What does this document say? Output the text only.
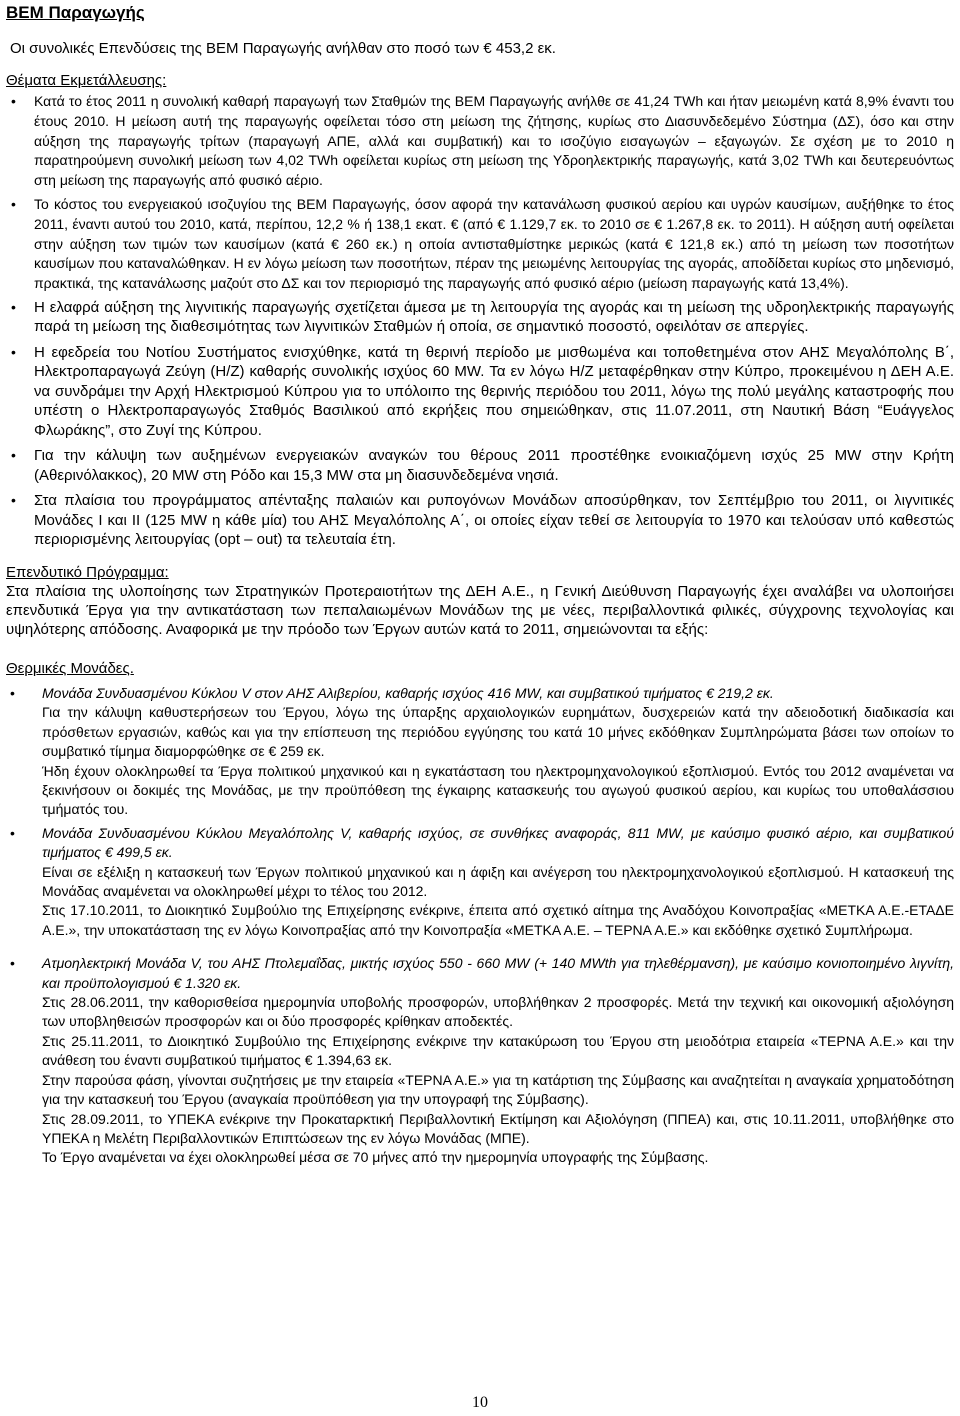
ΒΕΜ Παραγωγής

Οι συνολικές Επενδύσεις της ΒΕΜ Παραγωγής ανήλθαν στο ποσό των € 453,2 εκ.

Θέματα Εκμετάλλευσης:
• Κατά το έτος 2011 η συνολική καθαρή παραγωγή των Σταθμών της ΒΕΜ Παραγωγής ανήλθε σε 41,24 TWh και ήταν μειωμένη κατά 8,9% έναντι του έτους 2010. Η μείωση αυτή της παραγωγής οφείλεται τόσο στη μείωση της ζήτησης, κυρίως στο Διασυνδεδεμένο Σύστημα (ΔΣ), όσο και στην αύξηση της παραγωγής τρίτων (παραγωγή ΑΠΕ, αλλά και συμβατική) και το ισοζύγιο εισαγωγών – εξαγωγών. Σε σχέση με το 2010 η παρατηρούμενη συνολική μείωση των 4,02 TWh οφείλεται κυρίως στη μείωση της Υδροηλεκτρικής παραγωγής, κατά 3,02 TWh και δευτερευόντως στη μείωση της παραγωγής από φυσικό αέριο.
• Το κόστος του ενεργειακού ισοζυγίου της ΒΕΜ Παραγωγής, όσον αφορά την κατανάλωση φυσικού αερίου και υγρών καυσίμων, αυξήθηκε το έτος 2011, έναντι αυτού του 2010, κατά, περίπου, 12,2 % ή 138,1 εκατ. € (από € 1.129,7 εκ. το 2010 σε € 1.267,8 εκ. το 2011). Η αύξηση αυτή οφείλεται στην αύξηση των τιμών των καυσίμων (κατά € 260 εκ.) η οποία αντισταθμίστηκε μερικώς (κατά € 121,8 εκ.) από τη μείωση των ποσοτήτων καυσίμων που καταναλώθηκαν. Η εν λόγω μείωση των ποσοτήτων, πέραν της μειωμένης λειτουργίας της αγοράς, αποδίδεται κυρίως στο μηδενισμό, πρακτικά, της κατανάλωσης μαζούτ στο ΔΣ και τον περιορισμό της παραγωγής από φυσικό αέριο (μείωση παραγωγής κατά 13,4%).
• Η ελαφρά αύξηση της λιγνιτικής παραγωγής σχετίζεται άμεσα με τη λειτουργία της αγοράς και τη μείωση της υδροηλεκτρικής παραγωγής παρά τη μείωση της διαθεσιμότητας των λιγνιτικών Σταθμών ή οποία, σε σημαντικό ποσοστό, οφειλόταν σε απεργίες.
• Η εφεδρεία του Νοτίου Συστήματος ενισχύθηκε, κατά τη θερινή περίοδο με μισθωμένα και τοποθετημένα στον ΑΗΣ Μεγαλόπολης Β΄, Ηλεκτροπαραγωγά Ζεύγη (Η/Ζ) καθαρής συνολικής ισχύος 60 MW. Τα εν λόγω Η/Ζ μεταφέρθηκαν στην Κύπρο, προκειμένου η ΔΕΗ Α.Ε. να συνδράμει την Αρχή Ηλεκτρισμού Κύπρου για το υπόλοιπο της θερινής περιόδου του 2011, λόγω της πολύ μεγάλης καταστροφής που υπέστη ο Ηλεκτροπαραγωγός Σταθμός Βασιλικού από εκρήξεις που σημειώθηκαν, στις 11.07.2011, στη Ναυτική Βάση “Ευάγγελος Φλωράκης”, στο Ζυγί της Κύπρου.
• Για την κάλυψη των αυξημένων ενεργειακών αναγκών του θέρους 2011 προστέθηκε ενοικιαζόμενη ισχύς 25 MW στην Κρήτη (Αθερινόλακκος), 20 MW στη Ρόδο και 15,3 MW στα μη διασυνδεδεμένα νησιά.
• Στα πλαίσια του προγράμματος απένταξης παλαιών και ρυπογόνων Μονάδων αποσύρθηκαν, τον Σεπτέμβριο του 2011, οι λιγνιτικές Μονάδες Ι και ΙΙ (125 MW η κάθε μία) του ΑΗΣ Μεγαλόπολης Α΄, οι οποίες είχαν τεθεί σε λειτουργία το 1970 και τελούσαν υπό καθεστώς περιορισμένης λειτουργίας (opt – out) τα τελευταία έτη.
Επενδυτικό Πρόγραμμα:

Στα πλαίσια της υλοποίησης των Στρατηγικών Προτεραιοτήτων της ΔΕΗ Α.Ε., η Γενική Διεύθυνση Παραγωγής έχει αναλάβει να υλοποιήσει επενδυτικά Έργα για την αντικατάσταση των πεπαλαιωμένων Μονάδων της με νέες, περιβαλλοντικά φιλικές, σύγχρονης τεχνολογίας και υψηλότερης απόδοσης. Αναφορικά με την πρόοδο των Έργων αυτών κατά το 2011, σημειώνονται τα εξής:

Θερμικές Μονάδες.
• Μονάδα Συνδυασμένου Κύκλου V στον ΑΗΣ Αλιβερίου, καθαρής ισχύος 416 MW, και συμβατικού τιμήματος € 219,2 εκ.
Για την κάλυψη καθυστερήσεων του Έργου, λόγω της ύπαρξης αρχαιολογικών ευρημάτων, δυσχερειών κατά την αδειοδοτική διαδικασία και πρόσθετων εργασιών, καθώς και για την επίσπευση της περιόδου εγγύησης του κατά 10 μήνες εκδόθηκαν Συμπληρώματα βάσει των οποίων το συμβατικό τίμημα διαμορφώθηκε σε € 259 εκ.
Ήδη έχουν ολοκληρωθεί τα Έργα πολιτικού μηχανικού και η εγκατάσταση του ηλεκτρομηχανολογικού εξοπλισμού. Εντός του 2012 αναμένεται να ξεκινήσουν οι δοκιμές της Μονάδας, με την προϋπόθεση της έγκαιρης κατασκευής του αγωγού φυσικού αερίου, και κυρίως του υποθαλάσσιου τμήματός του.
• Μονάδα Συνδυασμένου Κύκλου Μεγαλόπολης V, καθαρής ισχύος, σε συνθήκες αναφοράς, 811 MW, με καύσιμο φυσικό αέριο, και συμβατικού τιμήματος € 499,5 εκ.
Είναι σε εξέλιξη η κατασκευή των Έργων πολιτικού μηχανικού και η άφιξη και ανέγερση του ηλεκτρομηχανολογικού εξοπλισμού. Η κατασκευή της Μονάδας αναμένεται να ολοκληρωθεί μέχρι το τέλος του 2012.
Στις 17.10.2011, το Διοικητικό Συμβούλιο της Επιχείρησης ενέκρινε, έπειτα από σχετικό αίτημα της Αναδόχου Κοινοπραξίας «ΜΕΤΚΑ Α.Ε.-ΕΤΑΔΕ Α.Ε.», την υποκατάσταση της εν λόγω Κοινοπραξίας από την Κοινοπραξία «ΜΕΤΚΑ Α.Ε. – ΤΕΡΝΑ Α.Ε.» και εκδόθηκε σχετικό Συμπλήρωμα.
• Ατμοηλεκτρική Μονάδα V, του ΑΗΣ Πτολεμαΐδας, μικτής ισχύος 550 - 660 MW (+ 140 MWth για τηλεθέρμανση), με καύσιμο κονιοποιημένο λιγνίτη, και προϋπολογισμού € 1.320 εκ.
Στις 28.06.2011, την καθορισθείσα ημερομηνία υποβολής προσφορών, υποβλήθηκαν 2 προσφορές. Μετά την τεχνική και οικονομική αξιολόγηση των υποβληθεισών προσφορών και οι δύο προσφορές κρίθηκαν αποδεκτές.
Στις 25.11.2011, το Διοικητικό Συμβούλιο της Επιχείρησης ενέκρινε την κατακύρωση του Έργου στη μειοδότρια εταιρεία «ΤΕΡΝΑ Α.Ε.» και την ανάθεση του έναντι συμβατικού τιμήματος € 1.394,63 εκ.
Στην παρούσα φάση, γίνονται συζητήσεις με την εταιρεία «ΤΕΡΝΑ Α.Ε.» για τη κατάρτιση της Σύμβασης και αναζητείται η αναγκαία χρηματοδότηση για την κατασκευή του Έργου (αναγκαία προϋπόθεση για την υπογραφή της Σύμβασης).
Στις 28.09.2011, το ΥΠΕΚΑ ενέκρινε την Προκαταρκτική Περιβαλλοντική Εκτίμηση και Αξιολόγηση (ΠΠΕΑ) και, στις 10.11.2011, υποβλήθηκε στο ΥΠΕΚΑ η Μελέτη Περιβαλλοντικών Επιπτώσεων της εν λόγω Μονάδας (ΜΠΕ).
Το Έργο αναμένεται να έχει ολοκληρωθεί μέσα σε 70 μήνες από την ημερομηνία υπογραφής της Σύμβασης.
10
